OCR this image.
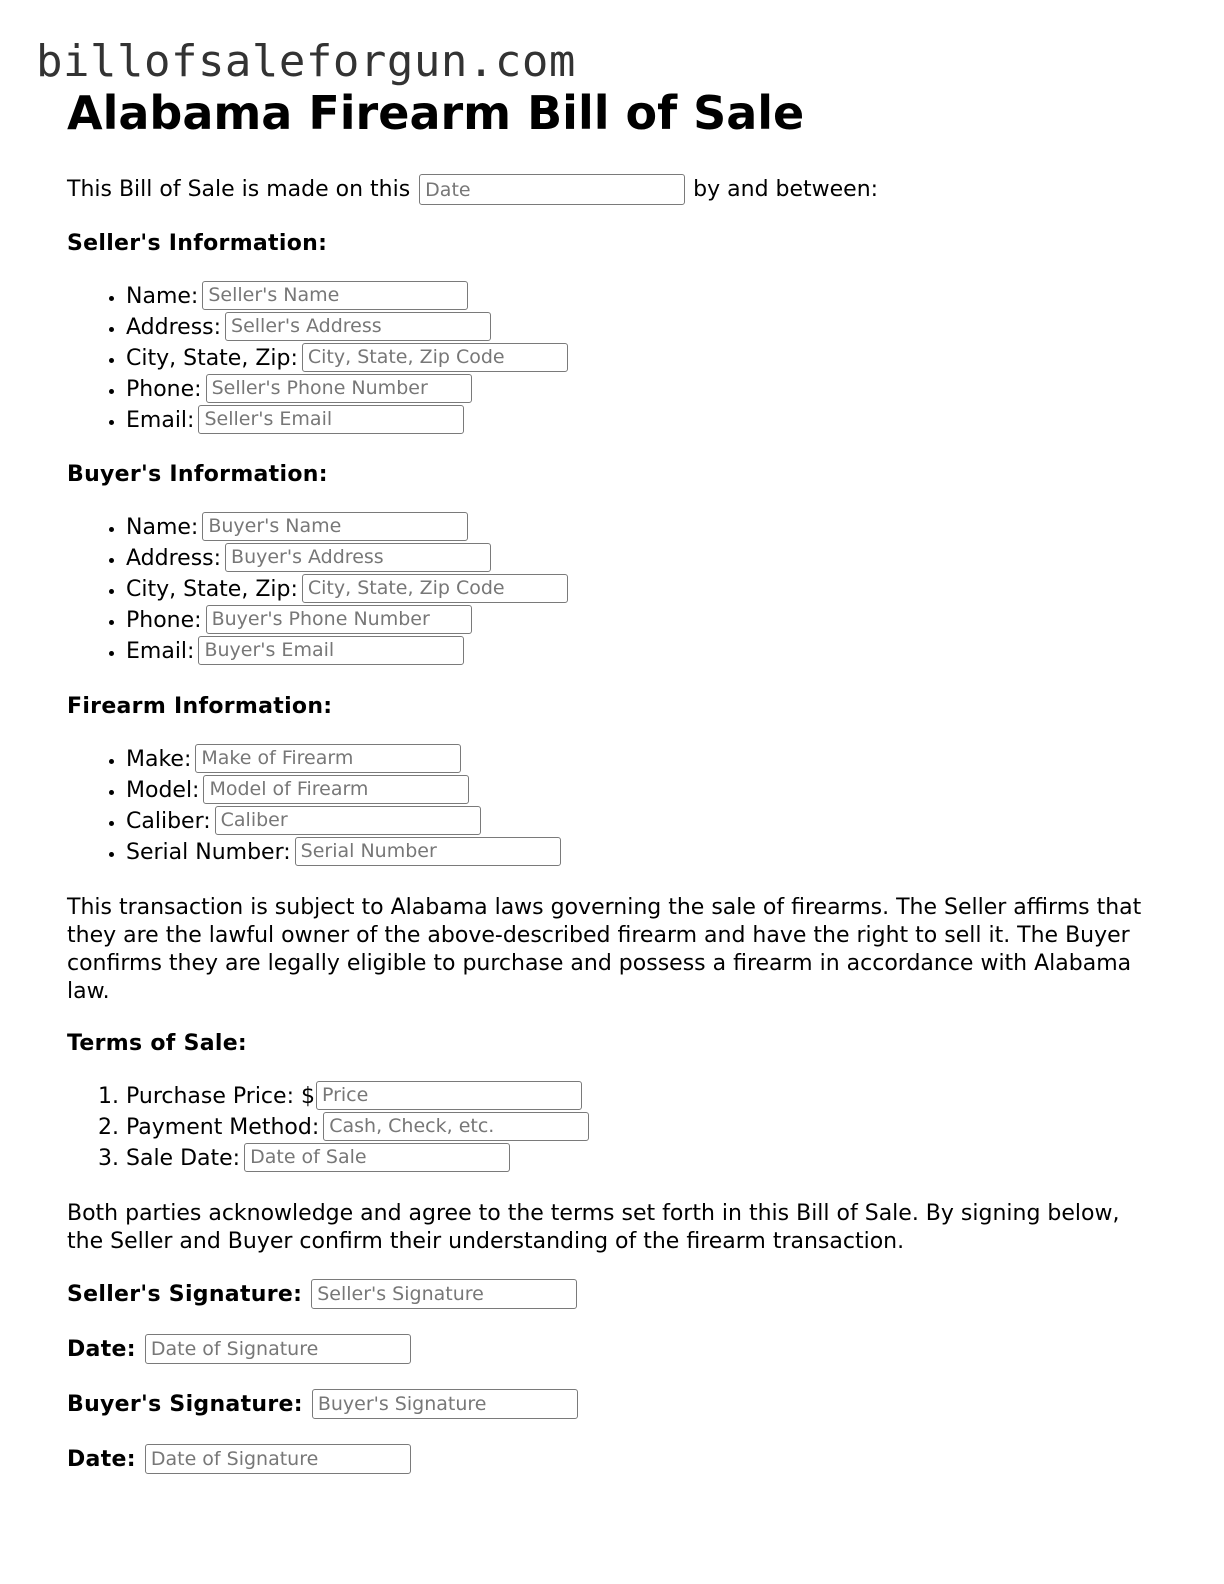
billofsaleforgun.com
Alabama Firearm Bill of Sale
This Bill of Sale is made on this
Date	by and between:
Seller's Information:
• Name:Seller's Name
• Address:Seller's Address
• City, State, Zip:City, State, Zip Code
• Phone:Seller's Phone Number
• Email:Seller's Email
Buyer's Information:
• Name:Buyer's Name
• Address:Buyer's Address
• City, State, Zip:City, State, Zip Code
• Phone:Buyer's Phone Number
• Email:Buyer's Email
Firearm Information:
• Make:Make of Firearm
• Model:Model of Firearm
• Caliber:Caliber
• Serial Number:Serial Number

This transaction is subject to Alabama laws governing the sale of firearms. The Seller affirms that they are the lawful owner of the above-described firearm and have the right to sell it. The Buyer confirms they are legally eligible to purchase and possess a firearm in accordance with Alabama law.

Terms of Sale:
1. Purchase Price: $Price
2. Payment Method:Cash, Check, etc.
3. Sale Date:Date of Sale

Both parties acknowledge and agree to the terms set forth in this Bill of Sale. By signing below, the Seller and Buyer confirm their understanding of the firearm transaction.

Seller's Signature:
Seller's Signature
Date:
Date of Signature
Buyer's Signature:
Buyer's Signature
Date:
Date of Signature
